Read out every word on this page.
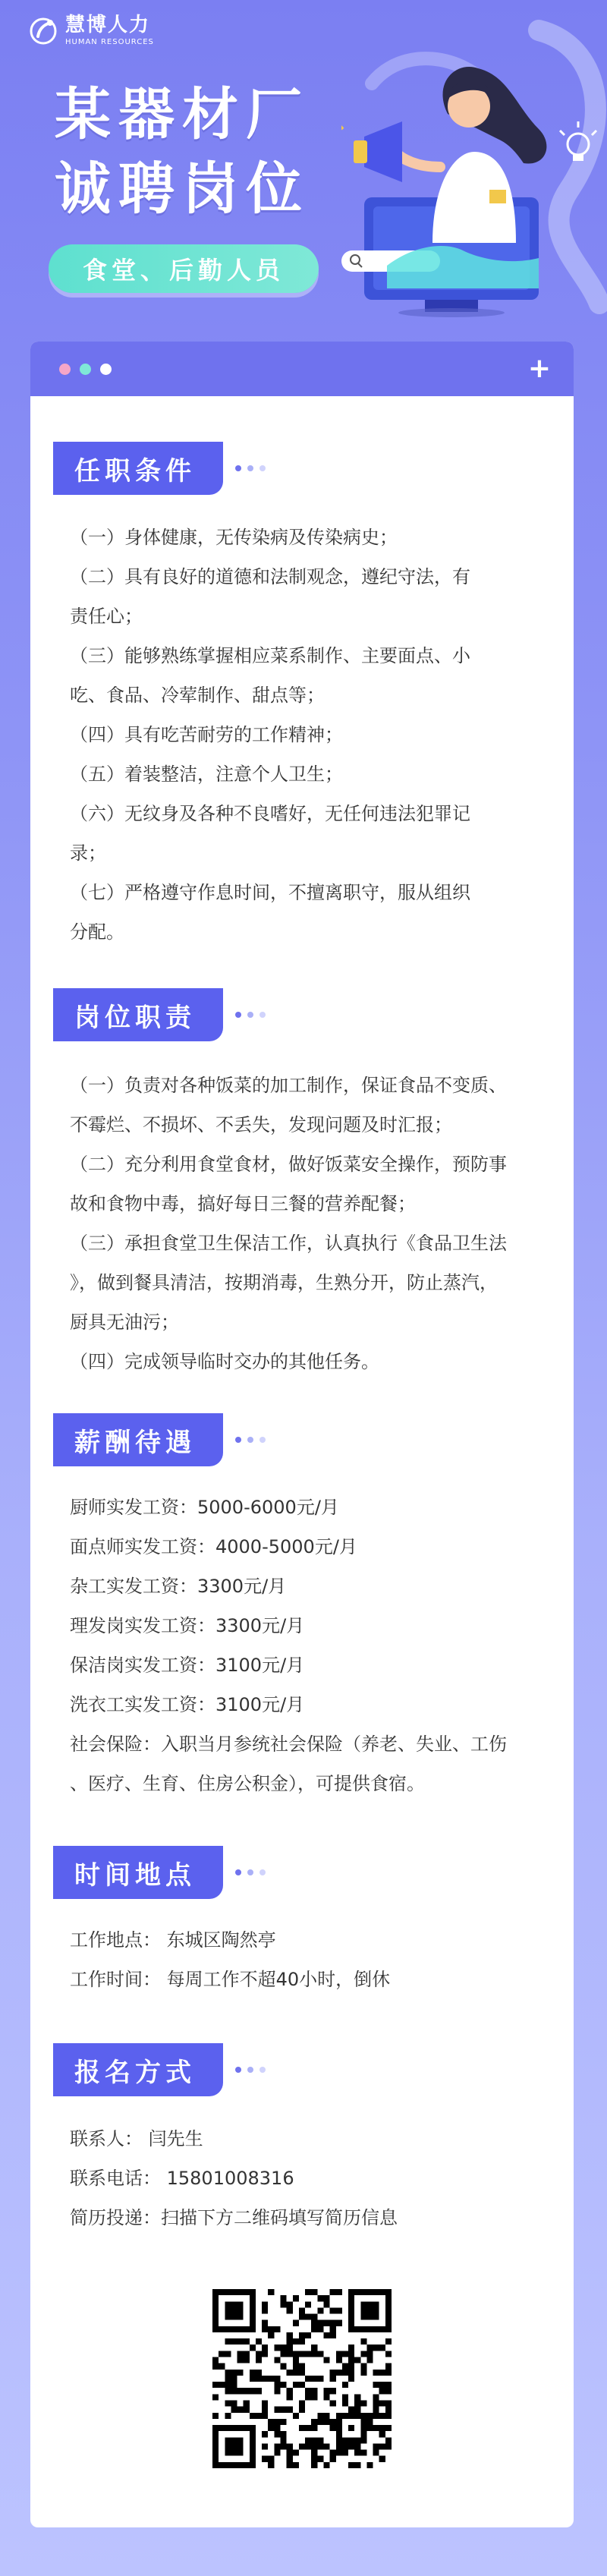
慧博人力
HUMAN RESOURCES
某器材厂
诚聘岗位
食堂、后勤人员
+
任职条件

（一）身体健康，无传染病及传染病史；

（二）具有良好的道德和法制观念，遵纪守法，有

责任心；

（三）能够熟练掌握相应菜系制作、主要面点、小

吃、食品、冷荤制作、甜点等；

（四）具有吃苦耐劳的工作精神；

（五）着装整洁，注意个人卫生；

（六）无纹身及各种不良嗜好，无任何违法犯罪记

录；

（七）严格遵守作息时间，不擅离职守，服从组织

分配。

岗位职责

（一）负责对各种饭菜的加工制作，保证食品不变质、

不霉烂、不损坏、不丢失，发现问题及时汇报；

（二）充分利用食堂食材，做好饭菜安全操作，预防事

故和食物中毒，搞好每日三餐的营养配餐；

（三）承担食堂卫生保洁工作，认真执行《食品卫生法

》，做到餐具清洁，按期消毒，生熟分开，防止蒸汽，

厨具无油污；

（四）完成领导临时交办的其他任务。

薪酬待遇

厨师实发工资：5000-6000元/月

面点师实发工资：4000-5000元/月

杂工实发工资：3300元/月

理发岗实发工资：3300元/月

保洁岗实发工资：3100元/月

洗衣工实发工资：3100元/月

社会保险：入职当月参统社会保险（养老、失业、工伤

、医疗、生育、住房公积金），可提供食宿。

时间地点

工作地点： 东城区陶然亭

工作时间： 每周工作不超40小时，倒休

报名方式

联系人： 闫先生

联系电话： 15801008316

简历投递：扫描下方二维码填写简历信息
